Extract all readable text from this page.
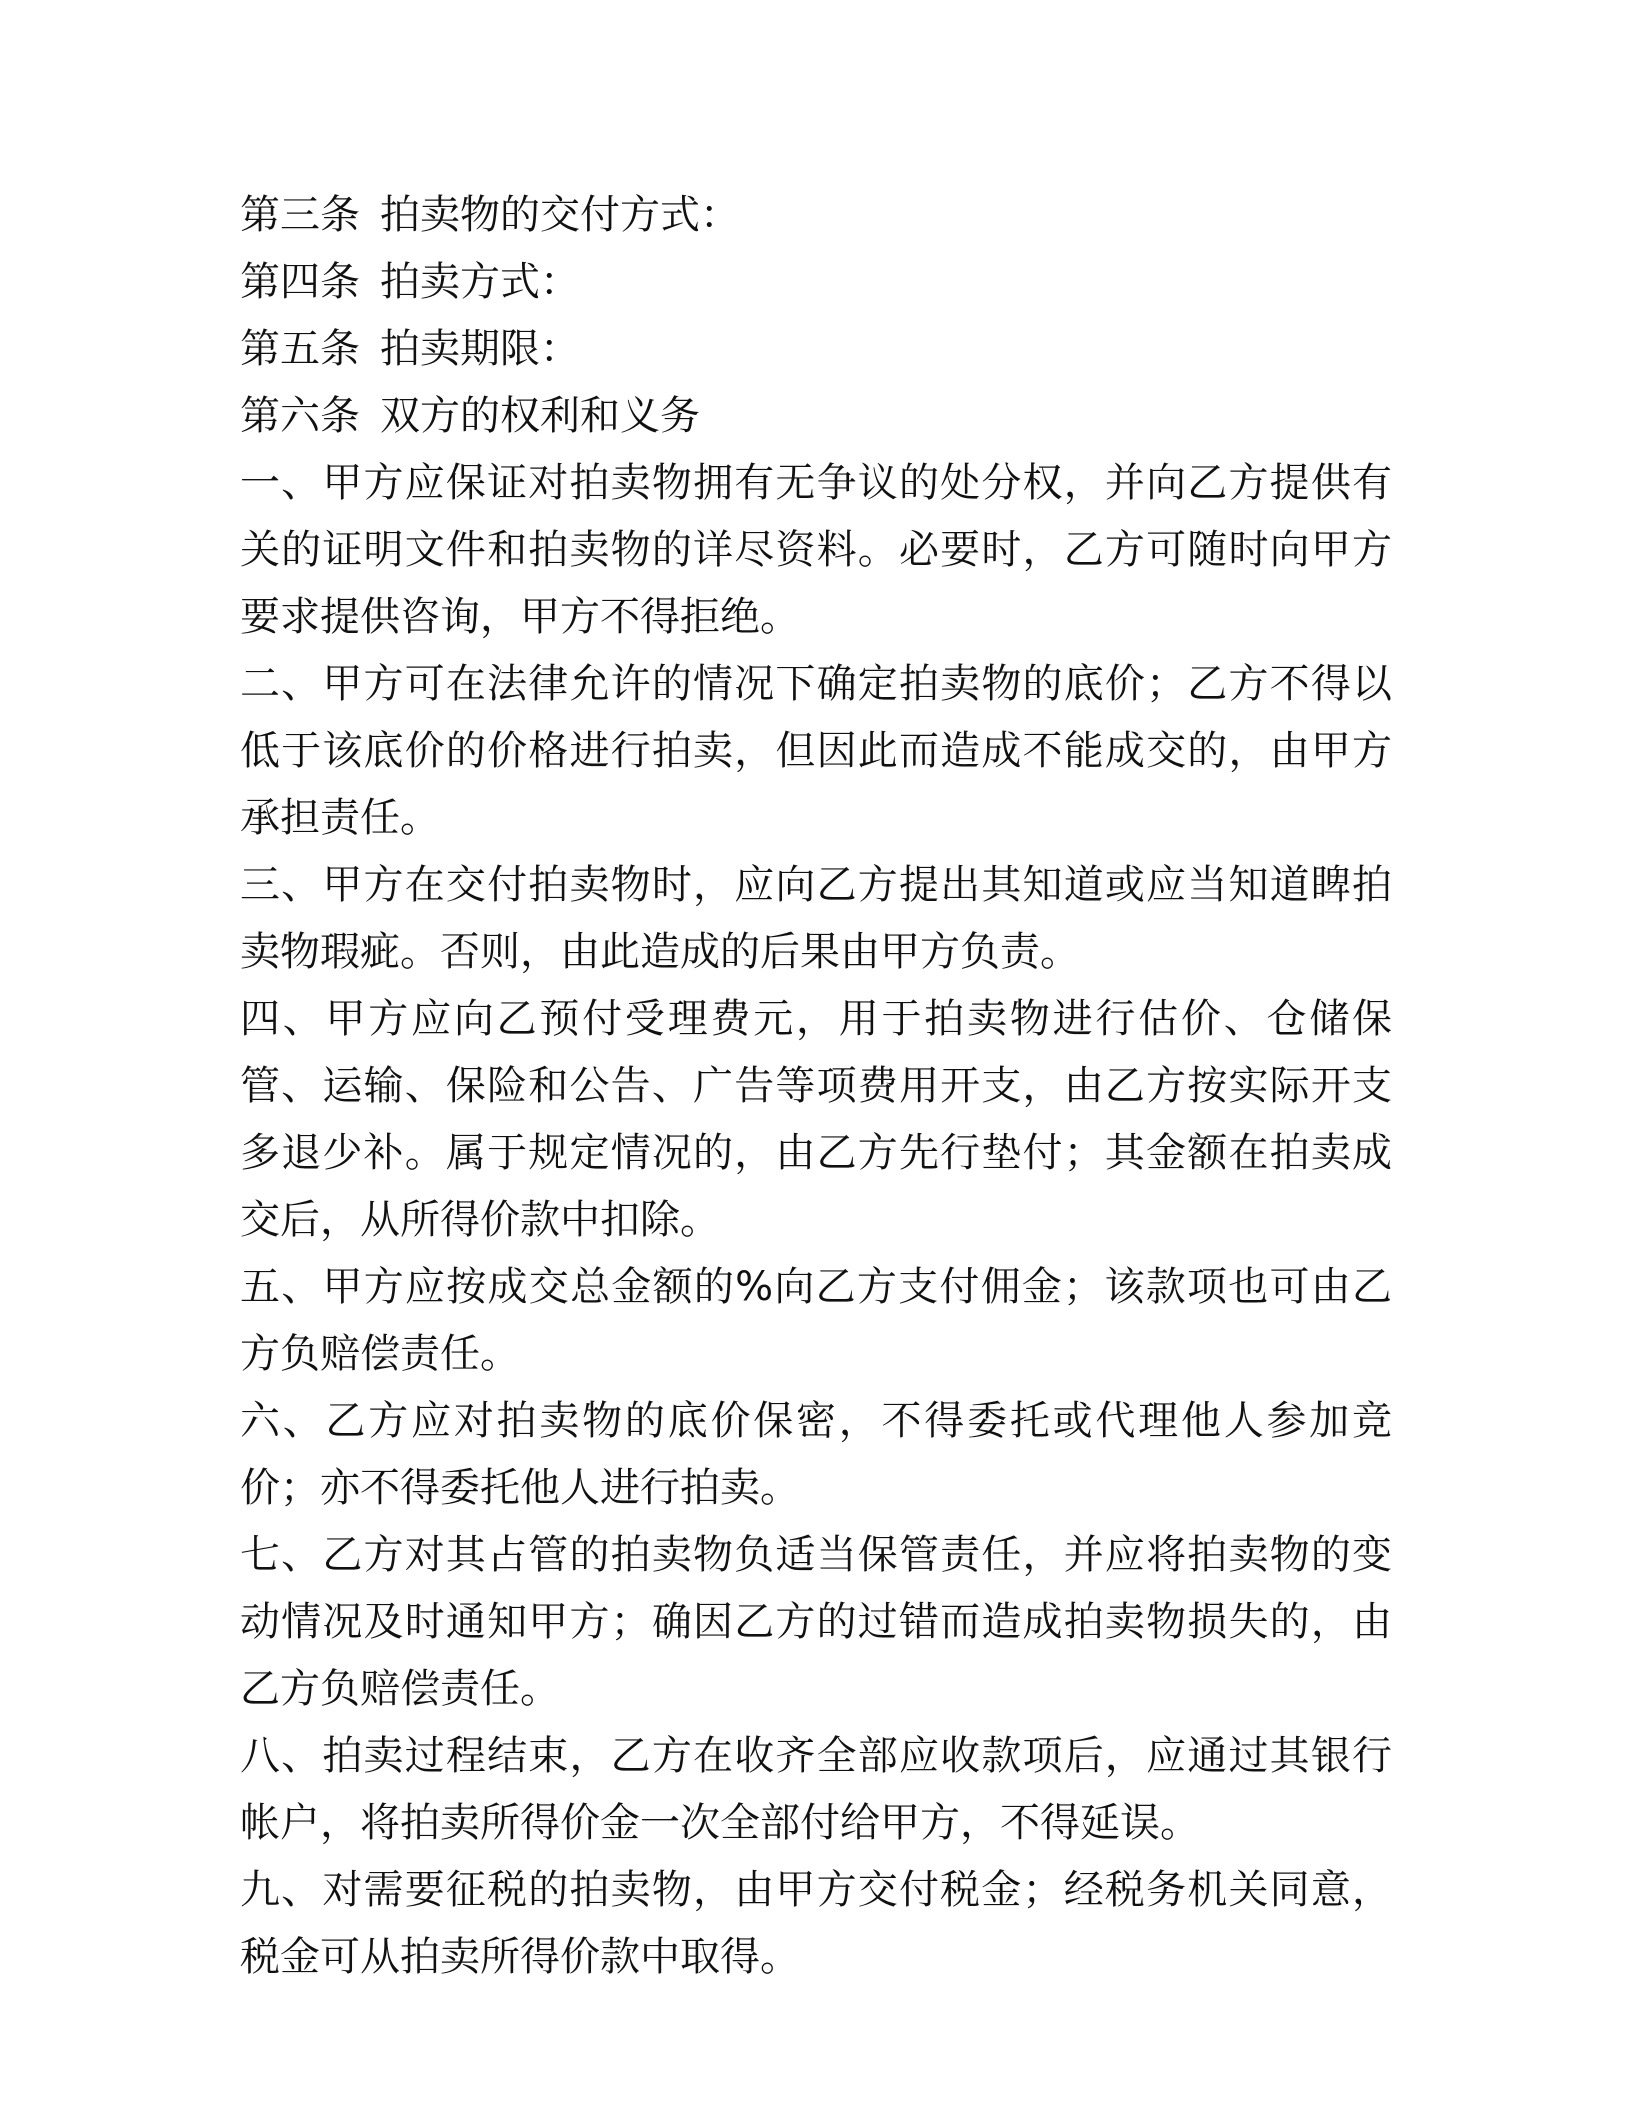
第三条 拍卖物的交付方式：

第四条 拍卖方式：

第五条 拍卖期限：

第六条 双方的权利和义务

一、甲方应保证对拍卖物拥有无争议的处分权，并向乙方提供有关的证明文件和拍卖物的详尽资料。必要时，乙方可随时向甲方要求提供咨询，甲方不得拒绝。

二、甲方可在法律允许的情况下确定拍卖物的底价；乙方不得以低于该底价的价格进行拍卖，但因此而造成不能成交的，由甲方承担责任。

三、甲方在交付拍卖物时，应向乙方提出其知道或应当知道睥拍卖物瑕疵。否则，由此造成的后果由甲方负责。

四、甲方应向乙预付受理费元，用于拍卖物进行估价、仓储保管、运输、保险和公告、广告等项费用开支，由乙方按实际开支多退少补。属于规定情况的，由乙方先行垫付；其金额在拍卖成交后，从所得价款中扣除。

五、甲方应按成交总金额的%向乙方支付佣金；该款项也可由乙方负赔偿责任。

六、乙方应对拍卖物的底价保密，不得委托或代理他人参加竞价；亦不得委托他人进行拍卖。

七、乙方对其占管的拍卖物负适当保管责任，并应将拍卖物的变动情况及时通知甲方；确因乙方的过错而造成拍卖物损失的，由乙方负赔偿责任。

八、拍卖过程结束，乙方在收齐全部应收款项后，应通过其银行帐户，将拍卖所得价金一次全部付给甲方，不得延误。

九、对需要征税的拍卖物，由甲方交付税金；经税务机关同意，税金可从拍卖所得价款中取得。
